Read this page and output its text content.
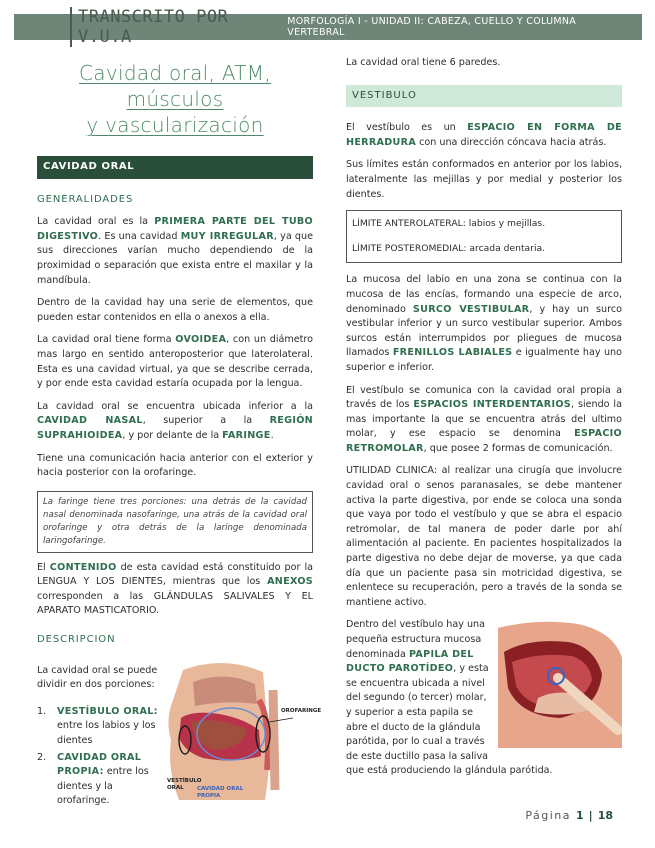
TRANSCRITO POR V.U.A
MORFOLOGÍA I - UNIDAD II: CABEZA, CUELLO Y COLUMNA VERTEBRAL
Cavidad oral, ATM, músculos
y vascularización
CAVIDAD ORAL
GENERALIDADES

La cavidad oral es la PRIMERA PARTE DEL TUBO DIGESTIVO. Es una cavidad MUY IRREGULAR, ya que sus direcciones varían mucho dependiendo de la proximidad o separación que exista entre el maxilar y la mandíbula.

Dentro de la cavidad hay una serie de elementos, que pueden estar contenidos en ella o anexos a ella.

La cavidad oral tiene forma OVOIDEA, con un diámetro mas largo en sentido anteroposterior que laterolateral. Esta es una cavidad virtual, ya que se describe cerrada, y por ende esta cavidad estaría ocupada por la lengua.

La cavidad oral se encuentra ubicada inferior a la CAVIDAD NASAL, superior a la REGIÓN SUPRAHIOIDEA, y por delante de la FARINGE.

Tiene una comunicación hacia anterior con el exterior y hacia posterior con la orofaringe.

La faringe tiene tres porciones: una detrás de la cavidad nasal denominada nasofaringe, una atrás de la cavidad oral orofaringe y otra detrás de la laringe denominada laringofaringe.

El CONTENIDO de esta cavidad está constituido por la LENGUA Y LOS DIENTES, mientras que los ANEXOS corresponden a las GLÁNDULAS SALIVALES Y EL APARATO MASTICATORIO.

DESCRIPCION

La cavidad oral se puede dividir en dos porciones:

1.	VESTÍBULO ORAL: entre los labios y los dientes
2.	CAVIDAD ORAL PROPIA: entre los dientes y la orofaringe.
OROFARINGE
VESTÍBULO ORAL	CAVIDAD ORAL PROPIA

La cavidad oral tiene 6 paredes.

VESTIBULO

El vestíbulo es un ESPACIO EN FORMA DE HERRADURA con una dirección cóncava hacia atrás.

Sus límites están conformados en anterior por los labios, lateralmente las mejillas y por medial y posterior los dientes.

LÍMITE ANTEROLATERAL: labios y mejillas.
LÍMITE POSTEROMEDIAL: arcada dentaria.

La mucosa del labio en una zona se continua con la mucosa de las encías, formando una especie de arco, denominado SURCO VESTIBULAR, y hay un surco vestibular inferior y un surco vestibular superior. Ambos surcos están interrumpidos por pliegues de mucosa llamados FRENILLOS LABIALES e igualmente hay uno superior e inferior.

El vestíbulo se comunica con la cavidad oral propia a través de los ESPACIOS INTERDENTARIOS, siendo la mas importante la que se encuentra atrás del ultimo molar, y ese espacio se denomina ESPACIO RETROMOLAR, que posee 2 formas de comunicación.

UTILIDAD CLINICA: al realizar una cirugía que involucre cavidad oral o senos paranasales, se debe mantener activa la parte digestiva, por ende se coloca una sonda que vaya por todo el vestíbulo y que se abra el espacio retromolar, de tal manera de poder darle por ahí alimentación al paciente. En pacientes hospitalizados la parte digestiva no debe dejar de moverse, ya que cada día que un paciente pasa sin motricidad digestiva, se enlentece su recuperación, pero a través de la sonda se mantiene activo.

Dentro del vestíbulo hay una pequeña estructura mucosa denominada PAPILA DEL DUCTO PAROTÍDEO, y esta se encuentra ubicada a nivel del segundo (o tercer) molar, y superior a esta papila se abre el ducto de la glándula parótida, por lo cual a través de este ductillo pasa la saliva

que está produciendo la glándula parótida.

Página 1 | 18
